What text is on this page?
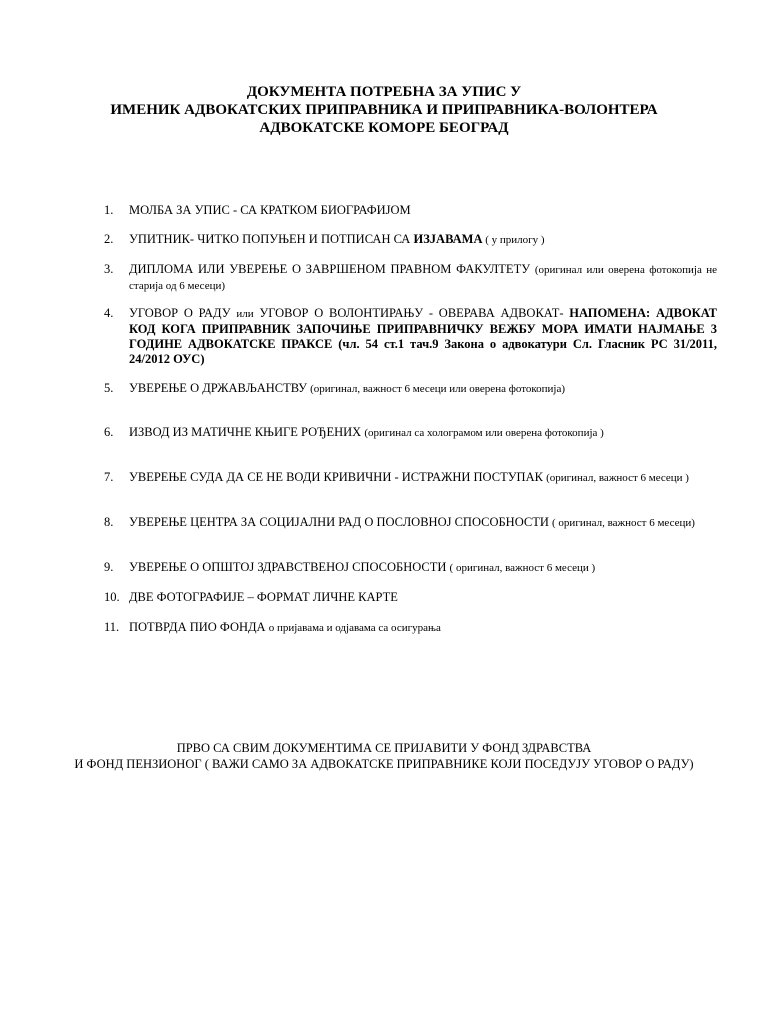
ДОКУМЕНТА ПОТРЕБНА ЗА УПИС У
ИМЕНИК АДВОКАТСКИХ ПРИПРАВНИКА И ПРИПРАВНИКА-ВОЛОНТЕРА
АДВОКАТСКЕ КОМОРЕ БЕОГРАД
1.	МОЛБА ЗА УПИС - СА КРАТКОМ БИОГРАФИЈОМ
2.	УПИТНИК- ЧИТКО ПОПУЊЕН И ПОТПИСАН СА ИЗЈАВАМА ( у прилогу )
3.	ДИПЛОМА ИЛИ УВЕРЕЊЕ О ЗАВРШЕНОМ ПРАВНОМ ФАКУЛТЕТУ (оригинал или оверена фотокопија не старија од 6 месеци)
4.	УГОВОР О РАДУ или УГОВОР О ВОЛОНТИРАЊУ - ОВЕРАВА АДВОКАТ- НАПОМЕНА: АДВОКАТ КОД КОГА ПРИПРАВНИК ЗАПОЧИЊЕ ПРИПРАВНИЧКУ ВЕЖБУ МОРА ИМАТИ НАЈМАЊЕ 3 ГОДИНЕ АДВОКАТСКЕ ПРАКСЕ (чл. 54 ст.1 тач.9 Закона о адвокатури Сл. Гласник РС 31/2011, 24/2012 ОУС)
5.	УВЕРЕЊЕ О ДРЖАВЉАНСТВУ (оригинал, важност 6 месеци или оверена фотокопија)
6.	ИЗВОД ИЗ МАТИЧНЕ КЊИГЕ РОЂЕНИХ (оригинал са хологрaмом или оверена фотокопија )
7.	УВЕРЕЊЕ СУДА ДА СЕ НЕ ВОДИ КРИВИЧНИ - ИСТРАЖНИ ПОСТУПАК (оригинал, важност 6 месеци )
8.	УВЕРЕЊЕ ЦЕНТРА ЗА СОЦИЈАЛНИ РАД О ПОСЛОВНОЈ СПОСОБНОСТИ ( оригинал, важност 6 месеци)
9.	УВЕРЕЊЕ О ОПШТОЈ ЗДРАВСТВЕНОЈ СПОСОБНОСТИ ( оригинал, важност 6 месеци )
10. ДВЕ ФОТОГРАФИЈЕ – ФОРМАТ ЛИЧНЕ КАРТЕ
11. ПОТВРДА ПИО ФОНДА о пријавама и одјавама са осигурања
ПРВО СА СВИМ ДОКУМЕНТИМА СЕ ПРИЈАВИТИ У ФОНД ЗДРАВСТВА
И ФОНД ПЕНЗИОНОГ ( ВАЖИ САМО ЗА АДВОКАТСКЕ ПРИПРАВНИКЕ КОЈИ ПОСЕДУЈУ УГОВОР О РАДУ)
